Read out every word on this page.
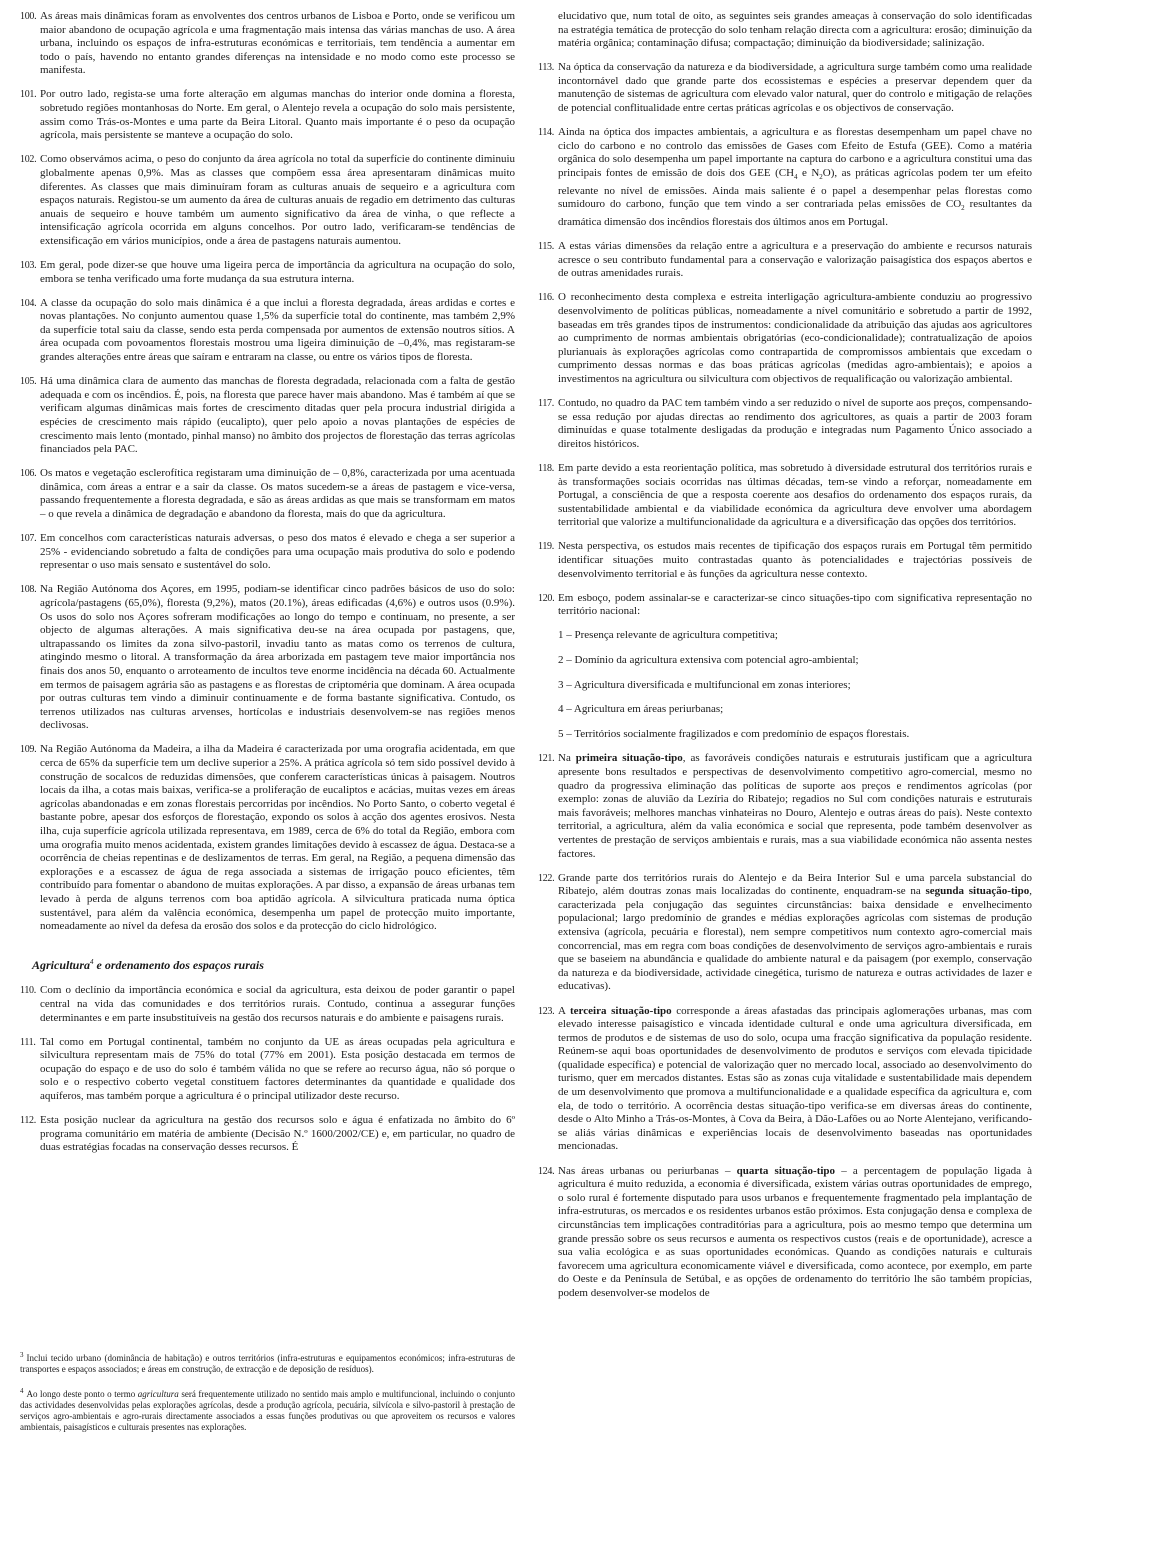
100. As áreas mais dinâmicas foram as envolventes dos centros urbanos de Lisboa e Porto, onde se verificou um maior abandono de ocupação agrícola e uma fragmentação mais intensa das várias manchas de uso. A área urbana, incluindo os espaços de infra-estruturas económicas e territoriais, tem tendência a aumentar em todo o país, havendo no entanto grandes diferenças na intensidade e no modo como este processo se manifesta.
101. Por outro lado, regista-se uma forte alteração em algumas manchas do interior onde domina a floresta, sobretudo regiões montanhosas do Norte. Em geral, o Alentejo revela a ocupação do solo mais persistente, assim como Trás-os-Montes e uma parte da Beira Litoral. Quanto mais importante é o peso da ocupação agrícola, mais persistente se manteve a ocupação do solo.
102. Como observámos acima, o peso do conjunto da área agrícola no total da superfície do continente diminuiu globalmente apenas 0,9%. Mas as classes que compõem essa área apresentaram dinâmicas muito diferentes. As classes que mais diminuíram foram as culturas anuais de sequeiro e a agricultura com espaços naturais. Registou-se um aumento da área de culturas anuais de regadio em detrimento das culturas anuais de sequeiro e houve também um aumento significativo da área de vinha, o que reflecte a intensificação agrícola ocorrida em alguns concelhos. Por outro lado, verificaram-se tendências de extensificação em vários municípios, onde a área de pastagens naturais aumentou.
103. Em geral, pode dizer-se que houve uma ligeira perca de importância da agricultura na ocupação do solo, embora se tenha verificado uma forte mudança da sua estrutura interna.
104. A classe da ocupação do solo mais dinâmica é a que inclui a floresta degradada, áreas ardidas e cortes e novas plantações. No conjunto aumentou quase 1,5% da superfície total do continente, mas também 2,9% da superfície total saiu da classe, sendo esta perda compensada por aumentos de extensão noutros sítios. A área ocupada com povoamentos florestais mostrou uma ligeira diminuição de –0,4%, mas registaram-se grandes alterações entre áreas que saíram e entraram na classe, ou entre os vários tipos de floresta.
105. Há uma dinâmica clara de aumento das manchas de floresta degradada, relacionada com a falta de gestão adequada e com os incêndios. É, pois, na floresta que parece haver mais abandono. Mas é também aí que se verificam algumas dinâmicas mais fortes de crescimento ditadas quer pela procura industrial dirigida a espécies de crescimento mais rápido (eucalipto), quer pelo apoio a novas plantações de espécies de crescimento mais lento (montado, pinhal manso) no âmbito dos projectos de florestação das terras agrícolas financiados pela PAC.
106. Os matos e vegetação esclerofítica registaram uma diminuição de – 0,8%, caracterizada por uma acentuada dinâmica, com áreas a entrar e a sair da classe. Os matos sucedem-se a áreas de pastagem e vice-versa, passando frequentemente a floresta degradada, e são as áreas ardidas as que mais se transformam em matos – o que revela a dinâmica de degradação e abandono da floresta, mais do que da agricultura.
107. Em concelhos com características naturais adversas, o peso dos matos é elevado e chega a ser superior a 25% - evidenciando sobretudo a falta de condições para uma ocupação mais produtiva do solo e podendo representar o uso mais sensato e sustentável do solo.
108. Na Região Autónoma dos Açores, em 1995, podiam-se identificar cinco padrões básicos de uso do solo: agrícola/pastagens (65,0%), floresta (9,2%), matos (20.1%), áreas edificadas (4,6%) e outros usos (0.9%). Os usos do solo nos Açores sofreram modificações ao longo do tempo e continuam, no presente, a ser objecto de algumas alterações. A mais significativa deu-se na área ocupada por pastagens, que, ultrapassando os limites da zona silvo-pastoril, invadiu tanto as matas como os terrenos de cultura, atingindo mesmo o litoral. A transformação da área arborizada em pastagem teve maior importância nos finais dos anos 50, enquanto o arroteamento de incultos teve enorme incidência na década 60. Actualmente em termos de paisagem agrária são as pastagens e as florestas de criptoméria que dominam. A área ocupada por outras culturas tem vindo a diminuir continuamente e de forma bastante significativa. Contudo, os terrenos utilizados nas culturas arvenses, hortícolas e industriais desenvolvem-se nas regiões menos declivosas.
109. Na Região Autónoma da Madeira, a ilha da Madeira é caracterizada por uma orografia acidentada, em que cerca de 65% da superfície tem um declive superior a 25%. A prática agrícola só tem sido possível devido à construção de socalcos de reduzidas dimensões, que conferem características únicas à paisagem. Noutros locais da ilha, a cotas mais baixas, verifica-se a proliferação de eucaliptos e acácias, muitas vezes em áreas agrícolas abandonadas e em zonas florestais percorridas por incêndios. No Porto Santo, o coberto vegetal é bastante pobre, apesar dos esforços de florestação, expondo os solos à acção dos agentes erosivos. Nesta ilha, cuja superfície agrícola utilizada representava, em 1989, cerca de 6% do total da Região, embora com uma orografia muito menos acidentada, existem grandes limitações devido à escassez de água. Destaca-se a ocorrência de cheias repentinas e de deslizamentos de terras. Em geral, na Região, a pequena dimensão das explorações e a escassez de água de rega associada a sistemas de irrigação pouco eficientes, têm contribuído para fomentar o abandono de muitas explorações. A par disso, a expansão de áreas urbanas tem levado à perda de alguns terrenos com boa aptidão agrícola. A silvicultura praticada numa óptica sustentável, para além da valência económica, desempenha um papel de protecção muito importante, nomeadamente ao nível da defesa da erosão dos solos e da protecção do ciclo hidrológico.
Agricultura$^4$ e ordenamento dos espaços rurais
110. Com o declínio da importância económica e social da agricultura, esta deixou de poder garantir o papel central na vida das comunidades e dos territórios rurais. Contudo, continua a assegurar funções determinantes e em parte insubstituíveis na gestão dos recursos naturais e do ambiente e paisagens rurais.
111. Tal como em Portugal continental, também no conjunto da UE as áreas ocupadas pela agricultura e silvicultura representam mais de 75% do total (77% em 2001). Esta posição destacada em termos de ocupação do espaço e de uso do solo é também válida no que se refere ao recurso água, não só porque o solo e o respectivo coberto vegetal constituem factores determinantes da quantidade e qualidade dos aquíferos, mas também porque a agricultura é o principal utilizador deste recurso.
112. Esta posição nuclear da agricultura na gestão dos recursos solo e água é enfatizada no âmbito do 6º programa comunitário em matéria de ambiente (Decisão N.º 1600/2002/CE) e, em particular, no quadro de duas estratégias focadas na conservação desses recursos. É
$^3$ Inclui tecido urbano (dominância de habitação) e outros territórios (infra-estruturas e equipamentos económicos; infra-estruturas de transportes e espaços associados; e áreas em construção, de extracção e de deposição de resíduos).
$^4$ Ao longo deste ponto o termo agricultura será frequentemente utilizado no sentido mais amplo e multifuncional, incluindo o conjunto das actividades desenvolvidas pelas explorações agrícolas, desde a produção agrícola, pecuária, silvícola e silvo-pastoril à prestação de serviços agro-ambientais e agro-rurais directamente associados a essas funções produtivas ou que aproveitem os recursos e valores ambientais, paisagísticos e culturais presentes nas explorações.
elucidativo que, num total de oito, as seguintes seis grandes ameaças à conservação do solo identificadas na estratégia temática de protecção do solo tenham relação directa com a agricultura: erosão; diminuição da matéria orgânica; contaminação difusa; compactação; diminuição da biodiversidade; salinização.
113. Na óptica da conservação da natureza e da biodiversidade, a agricultura surge também como uma realidade incontornável dado que grande parte dos ecossistemas e espécies a preservar dependem quer da manutenção de sistemas de agricultura com elevado valor natural, quer do controlo e mitigação de relações de potencial conflitualidade entre certas práticas agrícolas e os objectivos de conservação.
114. Ainda na óptica dos impactes ambientais, a agricultura e as florestas desempenham um papel chave no ciclo do carbono e no controlo das emissões de Gases com Efeito de Estufa (GEE). Como a matéria orgânica do solo desempenha um papel importante na captura do carbono e a agricultura constitui uma das principais fontes de emissão de dois dos GEE ($CH_4$ e $N_2O$), as práticas agrícolas podem ter um efeito relevante no nível de emissões. Ainda mais saliente é o papel a desempenhar pelas florestas como sumidouro do carbono, função que tem vindo a ser contrariada pelas emissões de $CO_2$ resultantes da dramática dimensão dos incêndios florestais dos últimos anos em Portugal.
115. A estas várias dimensões da relação entre a agricultura e a preservação do ambiente e recursos naturais acresce o seu contributo fundamental para a conservação e valorização paisagística dos espaços abertos e de outras amenidades rurais.
116. O reconhecimento desta complexa e estreita interligação agricultura-ambiente conduziu ao progressivo desenvolvimento de políticas públicas, nomeadamente a nível comunitário e sobretudo a partir de 1992, baseadas em três grandes tipos de instrumentos: condicionalidade da atribuição das ajudas aos agricultores ao cumprimento de normas ambientais obrigatórias (eco-condicionalidade); contratualização de apoios plurianuais às explorações agrícolas como contrapartida de compromissos ambientais que excedam o cumprimento dessas normas e das boas práticas agrícolas (medidas agro-ambientais); e apoios a investimentos na agricultura ou silvicultura com objectivos de requalificação ou valorização ambiental.
117. Contudo, no quadro da PAC tem também vindo a ser reduzido o nível de suporte aos preços, compensando-se essa redução por ajudas directas ao rendimento dos agricultores, as quais a partir de 2003 foram diminuídas e quase totalmente desligadas da produção e integradas num Pagamento Único associado a direitos históricos.
118. Em parte devido a esta reorientação política, mas sobretudo à diversidade estrutural dos territórios rurais e às transformações sociais ocorridas nas últimas décadas, tem-se vindo a reforçar, nomeadamente em Portugal, a consciência de que a resposta coerente aos desafios do ordenamento dos espaços rurais, da sustentabilidade ambiental e da viabilidade económica da agricultura deve envolver uma abordagem territorial que valorize a multifuncionalidade da agricultura e a diversificação das opções dos territórios.
119. Nesta perspectiva, os estudos mais recentes de tipificação dos espaços rurais em Portugal têm permitido identificar situações muito contrastadas quanto às potencialidades e trajectórias possíveis de desenvolvimento territorial e às funções da agricultura nesse contexto.
120. Em esboço, podem assinalar-se e caracterizar-se cinco situações-tipo com significativa representação no território nacional:
1 – Presença relevante de agricultura competitiva;
2 – Domínio da agricultura extensiva com potencial agro-ambiental;
3 – Agricultura diversificada e multifuncional em zonas interiores;
4 – Agricultura em áreas periurbanas;
5 – Territórios socialmente fragilizados e com predomínio de espaços florestais.
121. Na primeira situação-tipo, as favoráveis condições naturais e estruturais justificam que a agricultura apresente bons resultados e perspectivas de desenvolvimento competitivo agro-comercial, mesmo no quadro da progressiva eliminação das políticas de suporte aos preços e rendimentos agrícolas (por exemplo: zonas de aluvião da Lezíria do Ribatejo; regadios no Sul com condições naturais e estruturais mais favoráveis; melhores manchas vinhateiras no Douro, Alentejo e outras áreas do país). Neste contexto territorial, a agricultura, além da valia económica e social que representa, pode também desenvolver as vertentes de prestação de serviços ambientais e rurais, mas a sua viabilidade económica não assenta nestes factores.
122. Grande parte dos territórios rurais do Alentejo e da Beira Interior Sul e uma parcela substancial do Ribatejo, além doutras zonas mais localizadas do continente, enquadram-se na segunda situação-tipo, caracterizada pela conjugação das seguintes circunstâncias: baixa densidade e envelhecimento populacional; largo predomínio de grandes e médias explorações agrícolas com sistemas de produção extensiva (agrícola, pecuária e florestal), nem sempre competitivos num contexto agro-comercial mais concorrencial, mas em regra com boas condições de desenvolvimento de serviços agro-ambientais e rurais que se baseiem na abundância e qualidade do ambiente natural e da paisagem (por exemplo, conservação da natureza e da biodiversidade, actividade cinegética, turismo de natureza e outras actividades de lazer e educativas).
123. A terceira situação-tipo corresponde a áreas afastadas das principais aglomerações urbanas, mas com elevado interesse paisagístico e vincada identidade cultural e onde uma agricultura diversificada, em termos de produtos e de sistemas de uso do solo, ocupa uma fracção significativa da população residente. Reúnem-se aqui boas oportunidades de desenvolvimento de produtos e serviços com elevada tipicidade (qualidade específica) e potencial de valorização quer no mercado local, associado ao desenvolvimento do turismo, quer em mercados distantes. Estas são as zonas cuja vitalidade e sustentabilidade mais dependem de um desenvolvimento que promova a multifuncionalidade e a qualidade específica da agricultura e, com ela, de todo o território. A ocorrência destas situação-tipo verifica-se em diversas áreas do continente, desde o Alto Minho a Trás-os-Montes, à Cova da Beira, à Dão-Lafões ou ao Norte Alentejano, verificando-se aliás várias dinâmicas e experiências locais de desenvolvimento baseadas nas oportunidades mencionadas.
124. Nas áreas urbanas ou periurbanas – quarta situação-tipo – a percentagem de população ligada à agricultura é muito reduzida, a economia é diversificada, existem várias outras oportunidades de emprego, o solo rural é fortemente disputado para usos urbanos e frequentemente fragmentado pela implantação de infra-estruturas, os mercados e os residentes urbanos estão próximos. Esta conjugação densa e complexa de circunstâncias tem implicações contraditórias para a agricultura, pois ao mesmo tempo que determina um grande pressão sobre os seus recursos e aumenta os respectivos custos (reais e de oportunidade), acresce a sua valia ecológica e as suas oportunidades económicas. Quando as condições naturais e culturais favorecem uma agricultura economicamente viável e diversificada, como acontece, por exemplo, em parte do Oeste e da Península de Setúbal, e as opções de ordenamento do território lhe são também propícias, podem desenvolver-se modelos de
